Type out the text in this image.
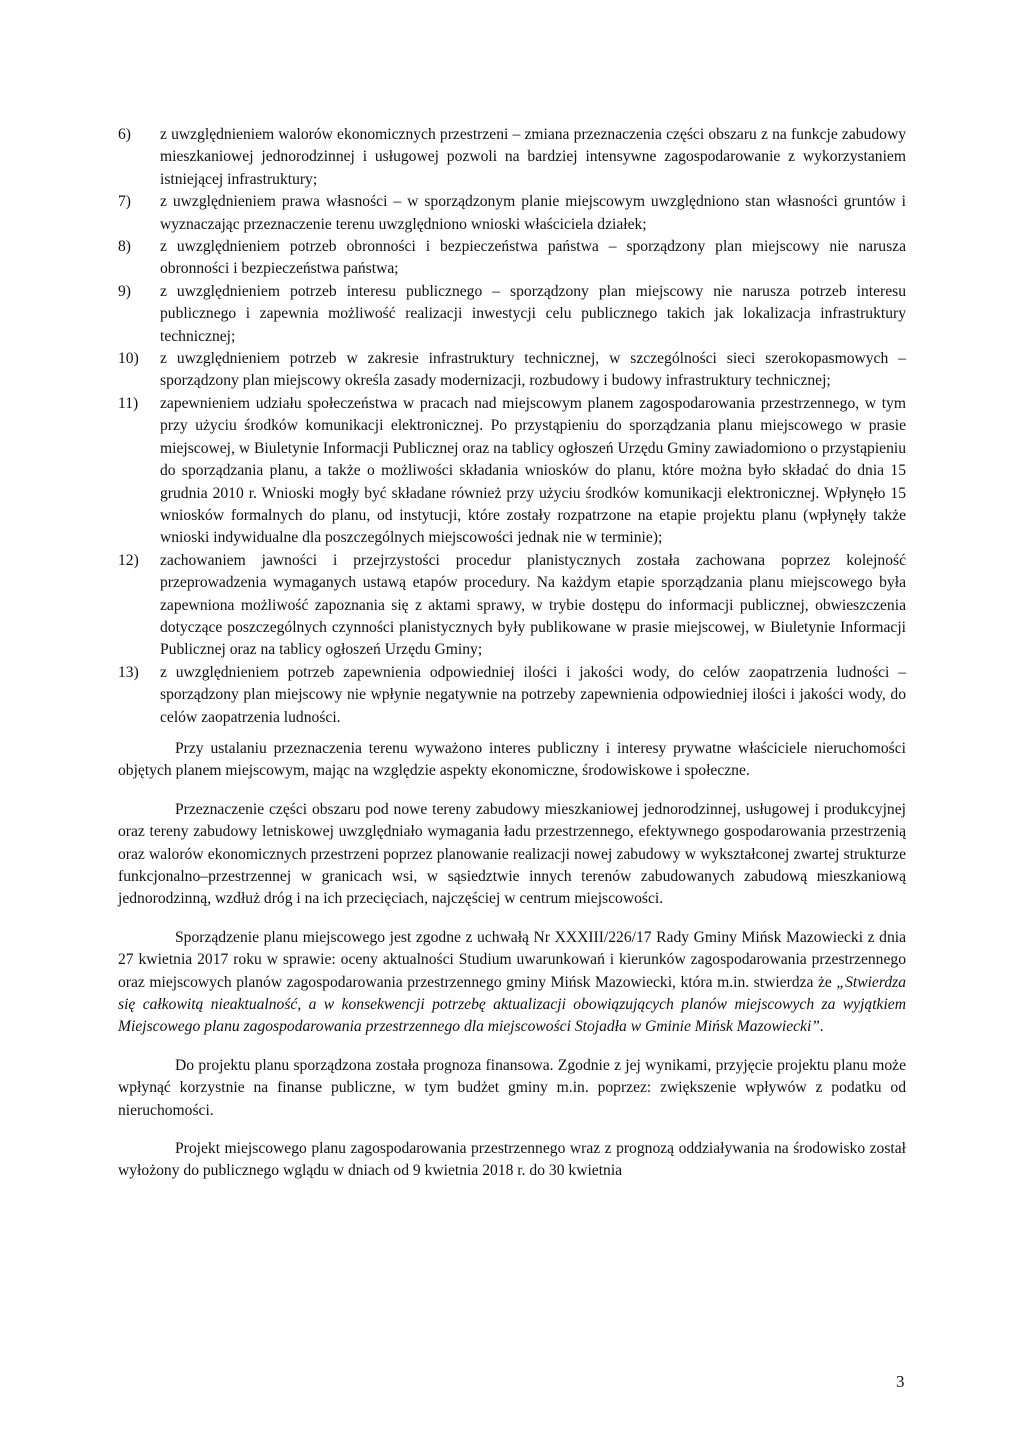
6)	z uwzględnieniem walorów ekonomicznych przestrzeni – zmiana przeznaczenia części obszaru z na funkcje zabudowy mieszkaniowej jednorodzinnej i usługowej pozwoli na bardziej intensywne zagospodarowanie z wykorzystaniem istniejącej infrastruktury;
7)	z uwzględnieniem prawa własności – w sporządzonym planie miejscowym uwzględniono stan własności gruntów i wyznaczając przeznaczenie terenu uwzględniono wnioski właściciela działek;
8)	z uwzględnieniem potrzeb obronności i bezpieczeństwa państwa – sporządzony plan miejscowy nie narusza obronności i bezpieczeństwa państwa;
9)	z uwzględnieniem potrzeb interesu publicznego – sporządzony plan miejscowy nie narusza potrzeb interesu publicznego i zapewnia możliwość realizacji inwestycji celu publicznego takich jak lokalizacja infrastruktury technicznej;
10)	z uwzględnieniem potrzeb w zakresie infrastruktury technicznej, w szczególności sieci szerokopasmowych – sporządzony plan miejscowy określa zasady modernizacji, rozbudowy i budowy infrastruktury technicznej;
11)	zapewnieniem udziału społeczeństwa w pracach nad miejscowym planem zagospodarowania przestrzennego, w tym przy użyciu środków komunikacji elektronicznej. Po przystąpieniu do sporządzania planu miejscowego w prasie miejscowej, w Biuletynie Informacji Publicznej oraz na tablicy ogłoszeń Urzędu Gminy zawiadomiono o przystąpieniu do sporządzania planu, a także o możliwości składania wniosków do planu, które można było składać do dnia 15 grudnia 2010 r. Wnioski mogły być składane również przy użyciu środków komunikacji elektronicznej. Wpłynęło 15 wniosków formalnych do planu, od instytucji, które zostały rozpatrzone na etapie projektu planu (wpłynęły także wnioski indywidualne dla poszczególnych miejscowości jednak nie w terminie);
12)	zachowaniem jawności i przejrzystości procedur planistycznych została zachowana poprzez kolejność przeprowadzenia wymaganych ustawą etapów procedury. Na każdym etapie sporządzania planu miejscowego była zapewniona możliwość zapoznania się z aktami sprawy, w trybie dostępu do informacji publicznej, obwieszczenia dotyczące poszczególnych czynności planistycznych były publikowane w prasie miejscowej, w Biuletynie Informacji Publicznej oraz na tablicy ogłoszeń Urzędu Gminy;
13)	z uwzględnieniem potrzeb zapewnienia odpowiedniej ilości i jakości wody, do celów zaopatrzenia ludności – sporządzony plan miejscowy nie wpłynie negatywnie na potrzeby zapewnienia odpowiedniej ilości i jakości wody, do celów zaopatrzenia ludności.

Przy ustalaniu przeznaczenia terenu wyważono interes publiczny i interesy prywatne właściciele nieruchomości objętych planem miejscowym, mając na względzie aspekty ekonomiczne, środowiskowe i społeczne.

Przeznaczenie części obszaru pod nowe tereny zabudowy mieszkaniowej jednorodzinnej, usługowej i produkcyjnej oraz tereny zabudowy letniskowej uwzględniało wymagania ładu przestrzennego, efektywnego gospodarowania przestrzenią oraz walorów ekonomicznych przestrzeni poprzez planowanie realizacji nowej zabudowy w wykształconej zwartej strukturze funkcjonalno–przestrzennej w granicach wsi, w sąsiedztwie innych terenów zabudowanych zabudową mieszkaniową jednorodzinną, wzdłuż dróg i na ich przecięciach, najczęściej w centrum miejscowości.

Sporządzenie planu miejscowego jest zgodne z uchwałą Nr XXXIII/226/17 Rady Gminy Mińsk Mazowiecki z dnia 27 kwietnia 2017 roku w sprawie: oceny aktualności Studium uwarunkowań i kierunków zagospodarowania przestrzennego oraz miejscowych planów zagospodarowania przestrzennego gminy Mińsk Mazowiecki, która m.in. stwierdza że „Stwierdza się całkowitą nieaktualność, a w konsekwencji potrzebę aktualizacji obowiązujących planów miejscowych za wyjątkiem Miejscowego planu zagospodarowania przestrzennego dla miejscowości Stojadła w Gminie Mińsk Mazowiecki”.

Do projektu planu sporządzona została prognoza finansowa. Zgodnie z jej wynikami, przyjęcie projektu planu może wpłynąć korzystnie na finanse publiczne, w tym budżet gminy m.in. poprzez: zwiększenie wpływów z podatku od nieruchomości.

Projekt miejscowego planu zagospodarowania przestrzennego wraz z prognozą oddziaływania na środowisko został wyłożony do publicznego wglądu w dniach od 9 kwietnia 2018 r. do 30 kwietnia

3
